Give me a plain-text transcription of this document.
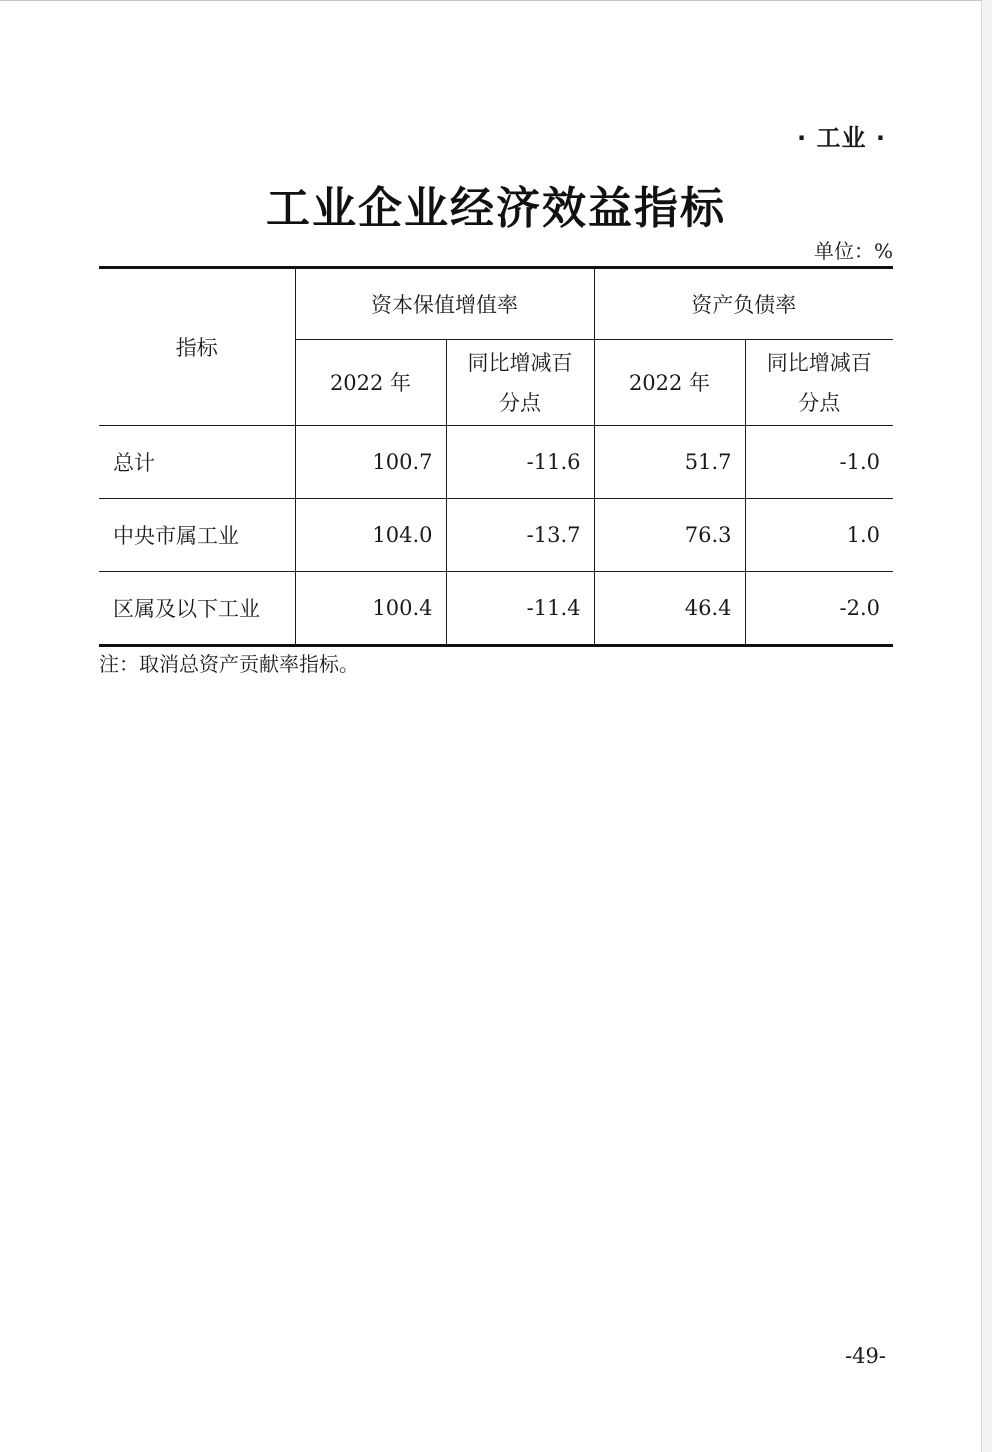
· 工业 ·
工业企业经济效益指标
单位：%
指标	资本保值增值率		资产负债率	
	2022 年	同比增减百分点	2022 年	同比增减百分点

总计	100.7	-11.6	51.7	-1.0
中央市属工业	104.0	-13.7	76.3	1.0
区属及以下工业	100.4	-11.4	46.4	-2.0
注：取消总资产贡献率指标。
-49-
